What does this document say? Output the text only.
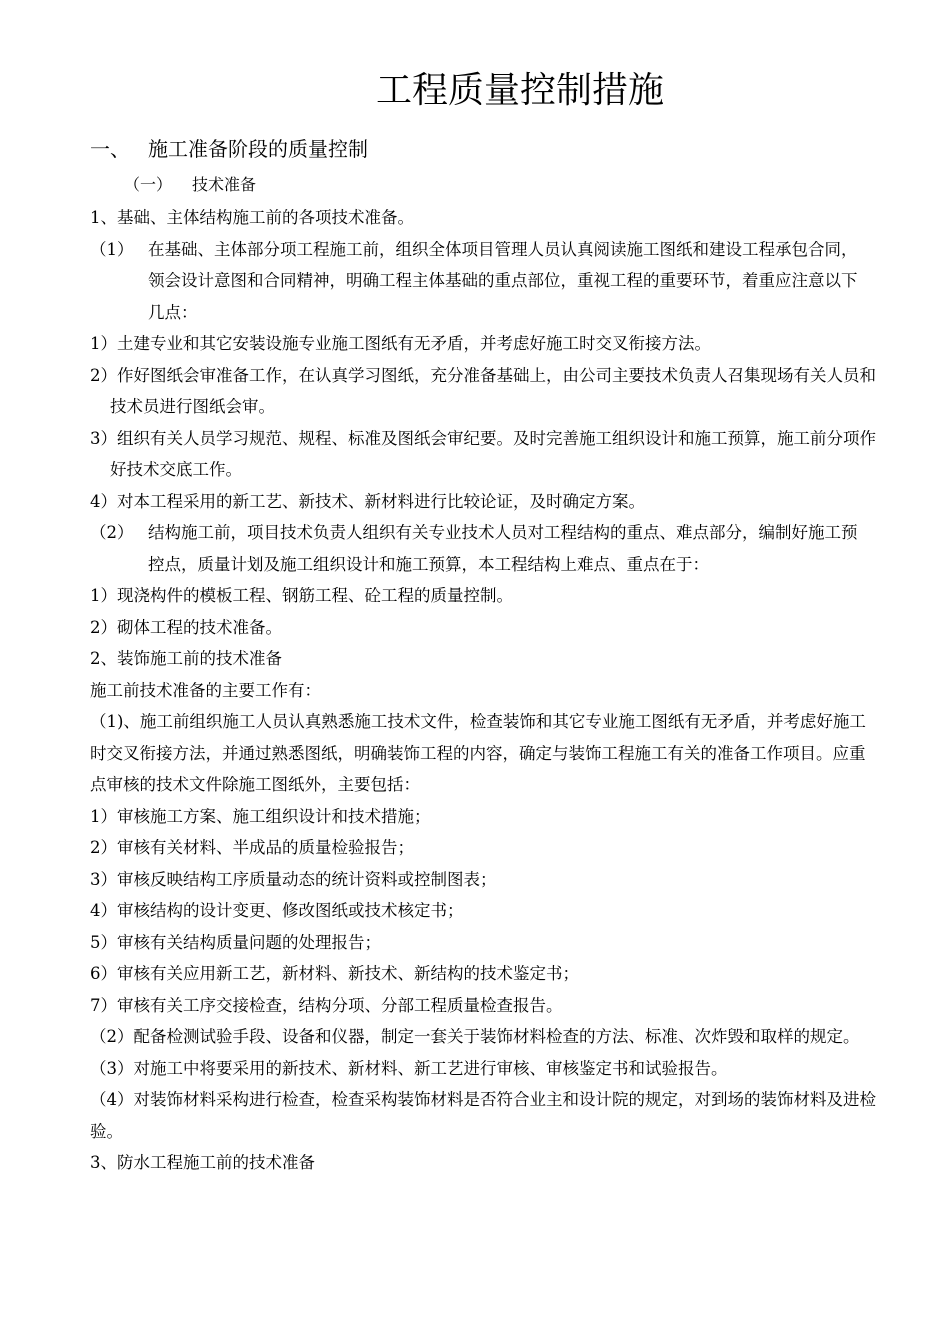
工程质量控制措施
一、 施工准备阶段的质量控制
（一） 技术准备

1、基础、主体结构施工前的各项技术准备。

（1） 在基础、主体部分项工程施工前，组织全体项目管理人员认真阅读施工图纸和建设工程承包合同，领会设计意图和合同精神，明确工程主体基础的重点部位，重视工程的重要环节，着重应注意以下几点：

1）土建专业和其它安装设施专业施工图纸有无矛盾，并考虑好施工时交叉衔接方法。

2）作好图纸会审准备工作，在认真学习图纸，充分准备基础上，由公司主要技术负责人召集现场有关人员和技术员进行图纸会审。

3）组织有关人员学习规范、规程、标准及图纸会审纪要。及时完善施工组织设计和施工预算，施工前分项作好技术交底工作。

4）对本工程采用的新工艺、新技术、新材料进行比较论证，及时确定方案。

（2） 结构施工前，项目技术负责人组织有关专业技术人员对工程结构的重点、难点部分，编制好施工预控点，质量计划及施工组织设计和施工预算，本工程结构上难点、重点在于：

1）现浇构件的模板工程、钢筋工程、砼工程的质量控制。

2）砌体工程的技术准备。

2、装饰施工前的技术准备

施工前技术准备的主要工作有：

（1)、施工前组织施工人员认真熟悉施工技术文件，检查装饰和其它专业施工图纸有无矛盾，并考虑好施工时交叉衔接方法，并通过熟悉图纸，明确装饰工程的内容，确定与装饰工程施工有关的准备工作项目。应重点审核的技术文件除施工图纸外，主要包括：

1）审核施工方案、施工组织设计和技术措施；

2）审核有关材料、半成品的质量检验报告；

3）审核反映结构工序质量动态的统计资料或控制图表；

4）审核结构的设计变更、修改图纸或技术核定书；

5）审核有关结构质量问题的处理报告；

6）审核有关应用新工艺，新材料、新技术、新结构的技术鉴定书；

7）审核有关工序交接检查，结构分项、分部工程质量检查报告。

（2）配备检测试验手段、设备和仪器，制定一套关于装饰材料检查的方法、标准、次炸毁和取样的规定。

（3）对施工中将要采用的新技术、新材料、新工艺进行审核、审核鉴定书和试验报告。

（4）对装饰材料采构进行检查，检查采构装饰材料是否符合业主和设计院的规定，对到场的装饰材料及进检验。

3、防水工程施工前的技术准备
